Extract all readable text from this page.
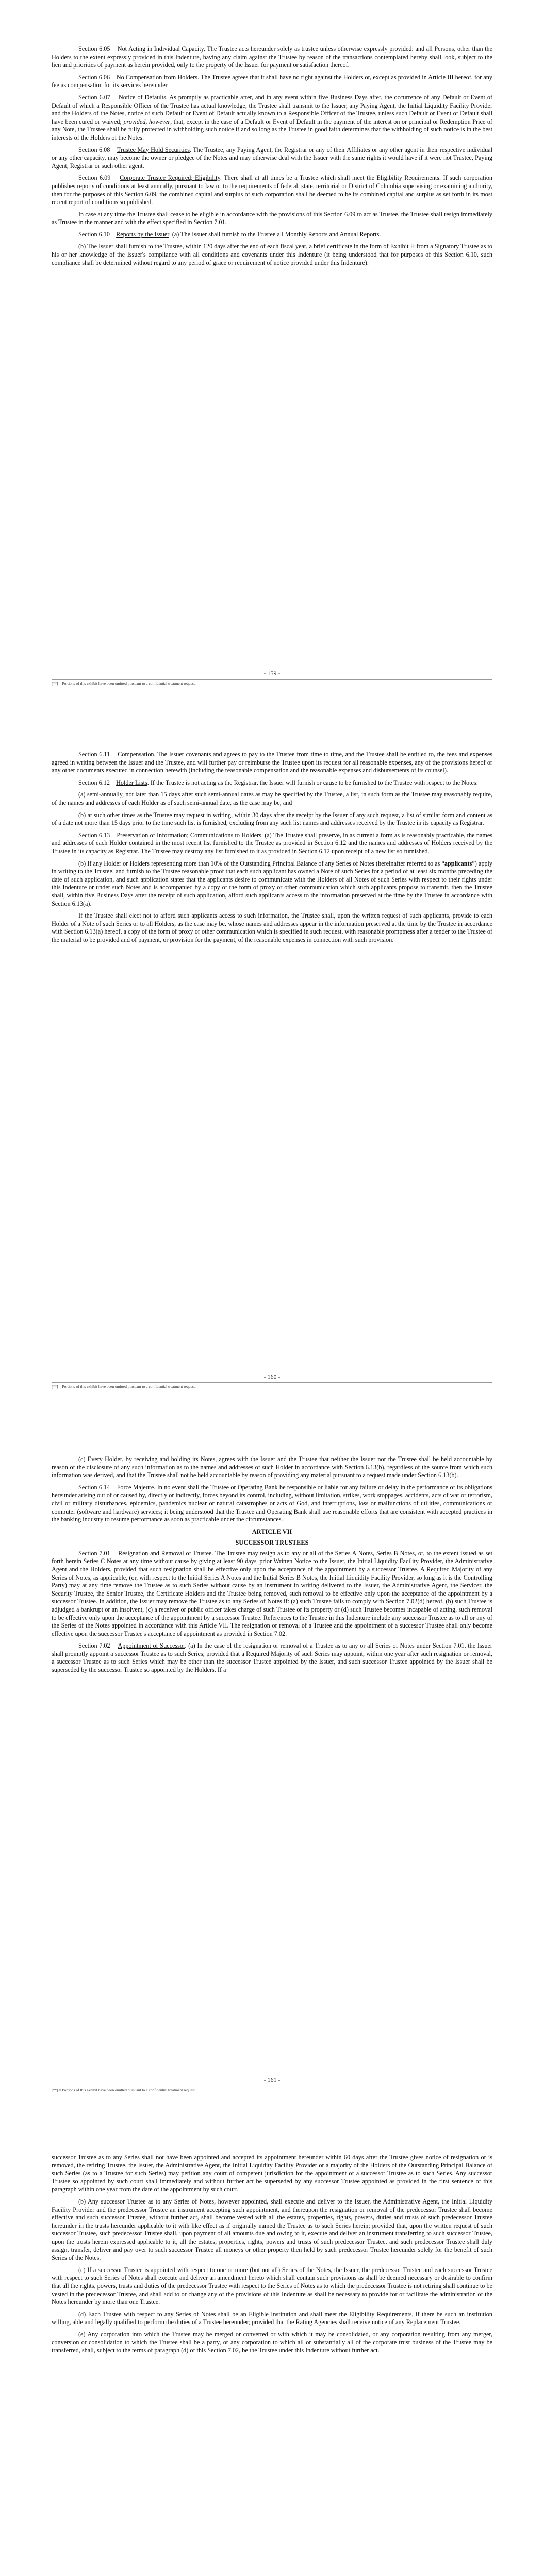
Section 6.05 Not Acting in Individual Capacity. The Trustee acts hereunder solely as trustee unless otherwise expressly provided; and all Persons, other than the Holders to the extent expressly provided in this Indenture, having any claim against the Trustee by reason of the transactions contemplated hereby shall look, subject to the lien and priorities of payment as herein provided, only to the property of the Issuer for payment or satisfaction thereof.

Section 6.06 No Compensation from Holders. The Trustee agrees that it shall have no right against the Holders or, except as provided in Article III hereof, for any fee as compensation for its services hereunder.

Section 6.07 Notice of Defaults. As promptly as practicable after, and in any event within five Business Days after, the occurrence of any Default or Event of Default of which a Responsible Officer of the Trustee has actual knowledge, the Trustee shall transmit to the Issuer, any Paying Agent, the Initial Liquidity Facility Provider and the Holders of the Notes, notice of such Default or Event of Default actually known to a Responsible Officer of the Trustee, unless such Default or Event of Default shall have been cured or waived; provided, however, that, except in the case of a Default or Event of Default in the payment of the interest on or principal or Redemption Price of any Note, the Trustee shall be fully protected in withholding such notice if and so long as the Trustee in good faith determines that the withholding of such notice is in the best interests of the Holders of the Notes.

Section 6.08 Trustee May Hold Securities. The Trustee, any Paying Agent, the Registrar or any of their Affiliates or any other agent in their respective individual or any other capacity, may become the owner or pledgee of the Notes and may otherwise deal with the Issuer with the same rights it would have if it were not Trustee, Paying Agent, Registrar or such other agent.

Section 6.09 Corporate Trustee Required; Eligibility. There shall at all times be a Trustee which shall meet the Eligibility Requirements. If such corporation publishes reports of conditions at least annually, pursuant to law or to the requirements of federal, state, territorial or District of Columbia supervising or examining authority, then for the purposes of this Section 6.09, the combined capital and surplus of such corporation shall be deemed to be its combined capital and surplus as set forth in its most recent report of conditions so published.

In case at any time the Trustee shall cease to be eligible in accordance with the provisions of this Section 6.09 to act as Trustee, the Trustee shall resign immediately as Trustee in the manner and with the effect specified in Section 7.01.

Section 6.10 Reports by the Issuer. (a) The Issuer shall furnish to the Trustee all Monthly Reports and Annual Reports.

(b) The Issuer shall furnish to the Trustee, within 120 days after the end of each fiscal year, a brief certificate in the form of Exhibit H from a Signatory Trustee as to his or her knowledge of the Issuer's compliance with all conditions and covenants under this Indenture (it being understood that for purposes of this Section 6.10, such compliance shall be determined without regard to any period of grace or requirement of notice provided under this Indenture).

- 159 -
[**] = Portions of this exhibit have been omitted pursuant to a confidential treatment request.

Section 6.11 Compensation. The Issuer covenants and agrees to pay to the Trustee from time to time, and the Trustee shall be entitled to, the fees and expenses agreed in writing between the Issuer and the Trustee, and will further pay or reimburse the Trustee upon its request for all reasonable expenses, any of the provisions hereof or any other documents executed in connection herewith (including the reasonable compensation and the reasonable expenses and disbursements of its counsel).

Section 6.12 Holder Lists. If the Trustee is not acting as the Registrar, the Issuer will furnish or cause to be furnished to the Trustee with respect to the Notes:

(a) semi-annually, not later than 15 days after such semi-annual dates as may be specified by the Trustee, a list, in such form as the Trustee may reasonably require, of the names and addresses of each Holder as of such semi-annual date, as the case may be, and

(b) at such other times as the Trustee may request in writing, within 30 days after the receipt by the Issuer of any such request, a list of similar form and content as of a date not more than 15 days prior to the time such list is furnished, excluding from any such list names and addresses received by the Trustee in its capacity as Registrar.

Section 6.13 Preservation of Information; Communications to Holders. (a) The Trustee shall preserve, in as current a form as is reasonably practicable, the names and addresses of each Holder contained in the most recent list furnished to the Trustee as provided in Section 6.12 and the names and addresses of Holders received by the Trustee in its capacity as Registrar. The Trustee may destroy any list furnished to it as provided in Section 6.12 upon receipt of a new list so furnished.

(b) If any Holder or Holders representing more than 10% of the Outstanding Principal Balance of any Series of Notes (hereinafter referred to as “applicants”) apply in writing to the Trustee, and furnish to the Trustee reasonable proof that each such applicant has owned a Note of such Series for a period of at least six months preceding the date of such application, and such application states that the applicants desire to communicate with the Holders of all Notes of such Series with respect to their rights under this Indenture or under such Notes and is accompanied by a copy of the form of proxy or other communication which such applicants propose to transmit, then the Trustee shall, within five Business Days after the receipt of such application, afford such applicants access to the information preserved at the time by the Trustee in accordance with Section 6.13(a).

If the Trustee shall elect not to afford such applicants access to such information, the Trustee shall, upon the written request of such applicants, provide to each Holder of a Note of such Series or to all Holders, as the case may be, whose names and addresses appear in the information preserved at the time by the Trustee in accordance with Section 6.13(a) hereof, a copy of the form of proxy or other communication which is specified in such request, with reasonable promptness after a tender to the Trustee of the material to be provided and of payment, or provision for the payment, of the reasonable expenses in connection with such provision.

- 160 -
[**] = Portions of this exhibit have been omitted pursuant to a confidential treatment request.

(c) Every Holder, by receiving and holding its Notes, agrees with the Issuer and the Trustee that neither the Issuer nor the Trustee shall be held accountable by reason of the disclosure of any such information as to the names and addresses of such Holder in accordance with Section 6.13(b), regardless of the source from which such information was derived, and that the Trustee shall not be held accountable by reason of providing any material pursuant to a request made under Section 6.13(b).

Section 6.14 Force Majeure. In no event shall the Trustee or Operating Bank be responsible or liable for any failure or delay in the performance of its obligations hereunder arising out of or caused by, directly or indirectly, forces beyond its control, including, without limitation, strikes, work stoppages, accidents, acts of war or terrorism, civil or military disturbances, epidemics, pandemics nuclear or natural catastrophes or acts of God, and interruptions, loss or malfunctions of utilities, communications or computer (software and hardware) services; it being understood that the Trustee and Operating Bank shall use reasonable efforts that are consistent with accepted practices in the banking industry to resume performance as soon as practicable under the circumstances.

ARTICLE VII
SUCCESSOR TRUSTEES

Section 7.01 Resignation and Removal of Trustee. The Trustee may resign as to any or all of the Series A Notes, Series B Notes, or, to the extent issued as set forth herein Series C Notes at any time without cause by giving at least 90 days' prior Written Notice to the Issuer, the Initial Liquidity Facility Provider, the Administrative Agent and the Holders, provided that such resignation shall be effective only upon the acceptance of the appointment by a successor Trustee. A Required Majority of any Series of Notes, as applicable, (or, with respect to the Initial Series A Notes and the Initial Series B Notes, the Initial Liquidity Facility Provider, so long as it is the Controlling Party) may at any time remove the Trustee as to such Series without cause by an instrument in writing delivered to the Issuer, the Administrative Agent, the Servicer, the Security Trustee, the Senior Trustee, the Certificate Holders and the Trustee being removed, such removal to be effective only upon the acceptance of the appointment by a successor Trustee. In addition, the Issuer may remove the Trustee as to any Series of Notes if: (a) such Trustee fails to comply with Section 7.02(d) hereof, (b) such Trustee is adjudged a bankrupt or an insolvent, (c) a receiver or public officer takes charge of such Trustee or its property or (d) such Trustee becomes incapable of acting, such removal to be effective only upon the acceptance of the appointment by a successor Trustee. References to the Trustee in this Indenture include any successor Trustee as to all or any of the Series of the Notes appointed in accordance with this Article VII. The resignation or removal of a Trustee and the appointment of a successor Trustee shall only become effective upon the successor Trustee's acceptance of appointment as provided in Section 7.02.

Section 7.02 Appointment of Successor. (a) In the case of the resignation or removal of a Trustee as to any or all Series of Notes under Section 7.01, the Issuer shall promptly appoint a successor Trustee as to such Series; provided that a Required Majority of such Series may appoint, within one year after such resignation or removal, a successor Trustee as to such Series which may be other than the successor Trustee appointed by the Issuer, and such successor Trustee appointed by the Issuer shall be superseded by the successor Trustee so appointed by the Holders. If a

- 161 -
[**] = Portions of this exhibit have been omitted pursuant to a confidential treatment request.

successor Trustee as to any Series shall not have been appointed and accepted its appointment hereunder within 60 days after the Trustee gives notice of resignation or is removed, the retiring Trustee, the Issuer, the Administrative Agent, the Initial Liquidity Facility Provider or a majority of the Holders of the Outstanding Principal Balance of such Series (as to a Trustee for such Series) may petition any court of competent jurisdiction for the appointment of a successor Trustee as to such Series. Any successor Trustee so appointed by such court shall immediately and without further act be superseded by any successor Trustee appointed as provided in the first sentence of this paragraph within one year from the date of the appointment by such court.

(b) Any successor Trustee as to any Series of Notes, however appointed, shall execute and deliver to the Issuer, the Administrative Agent, the Initial Liquidity Facility Provider and the predecessor Trustee an instrument accepting such appointment, and thereupon the resignation or removal of the predecessor Trustee shall become effective and such successor Trustee, without further act, shall become vested with all the estates, properties, rights, powers, duties and trusts of such predecessor Trustee hereunder in the trusts hereunder applicable to it with like effect as if originally named the Trustee as to such Series herein; provided that, upon the written request of such successor Trustee, such predecessor Trustee shall, upon payment of all amounts due and owing to it, execute and deliver an instrument transferring to such successor Trustee, upon the trusts herein expressed applicable to it, all the estates, properties, rights, powers and trusts of such predecessor Trustee, and such predecessor Trustee shall duly assign, transfer, deliver and pay over to such successor Trustee all moneys or other property then held by such predecessor Trustee hereunder solely for the benefit of such Series of the Notes.

(c) If a successor Trustee is appointed with respect to one or more (but not all) Series of the Notes, the Issuer, the predecessor Trustee and each successor Trustee with respect to such Series of Notes shall execute and deliver an amendment hereto which shall contain such provisions as shall be deemed necessary or desirable to confirm that all the rights, powers, trusts and duties of the predecessor Trustee with respect to the Series of Notes as to which the predecessor Trustee is not retiring shall continue to be vested in the predecessor Trustee, and shall add to or change any of the provisions of this Indenture as shall be necessary to provide for or facilitate the administration of the Notes hereunder by more than one Trustee.

(d) Each Trustee with respect to any Series of Notes shall be an Eligible Institution and shall meet the Eligibility Requirements, if there be such an institution willing, able and legally qualified to perform the duties of a Trustee hereunder; provided that the Rating Agencies shall receive notice of any Replacement Trustee.

(e) Any corporation into which the Trustee may be merged or converted or with which it may be consolidated, or any corporation resulting from any merger, conversion or consolidation to which the Trustee shall be a party, or any corporation to which all or substantially all of the corporate trust business of the Trustee may be transferred, shall, subject to the terms of paragraph (d) of this Section 7.02, be the Trustee under this Indenture without further act.
